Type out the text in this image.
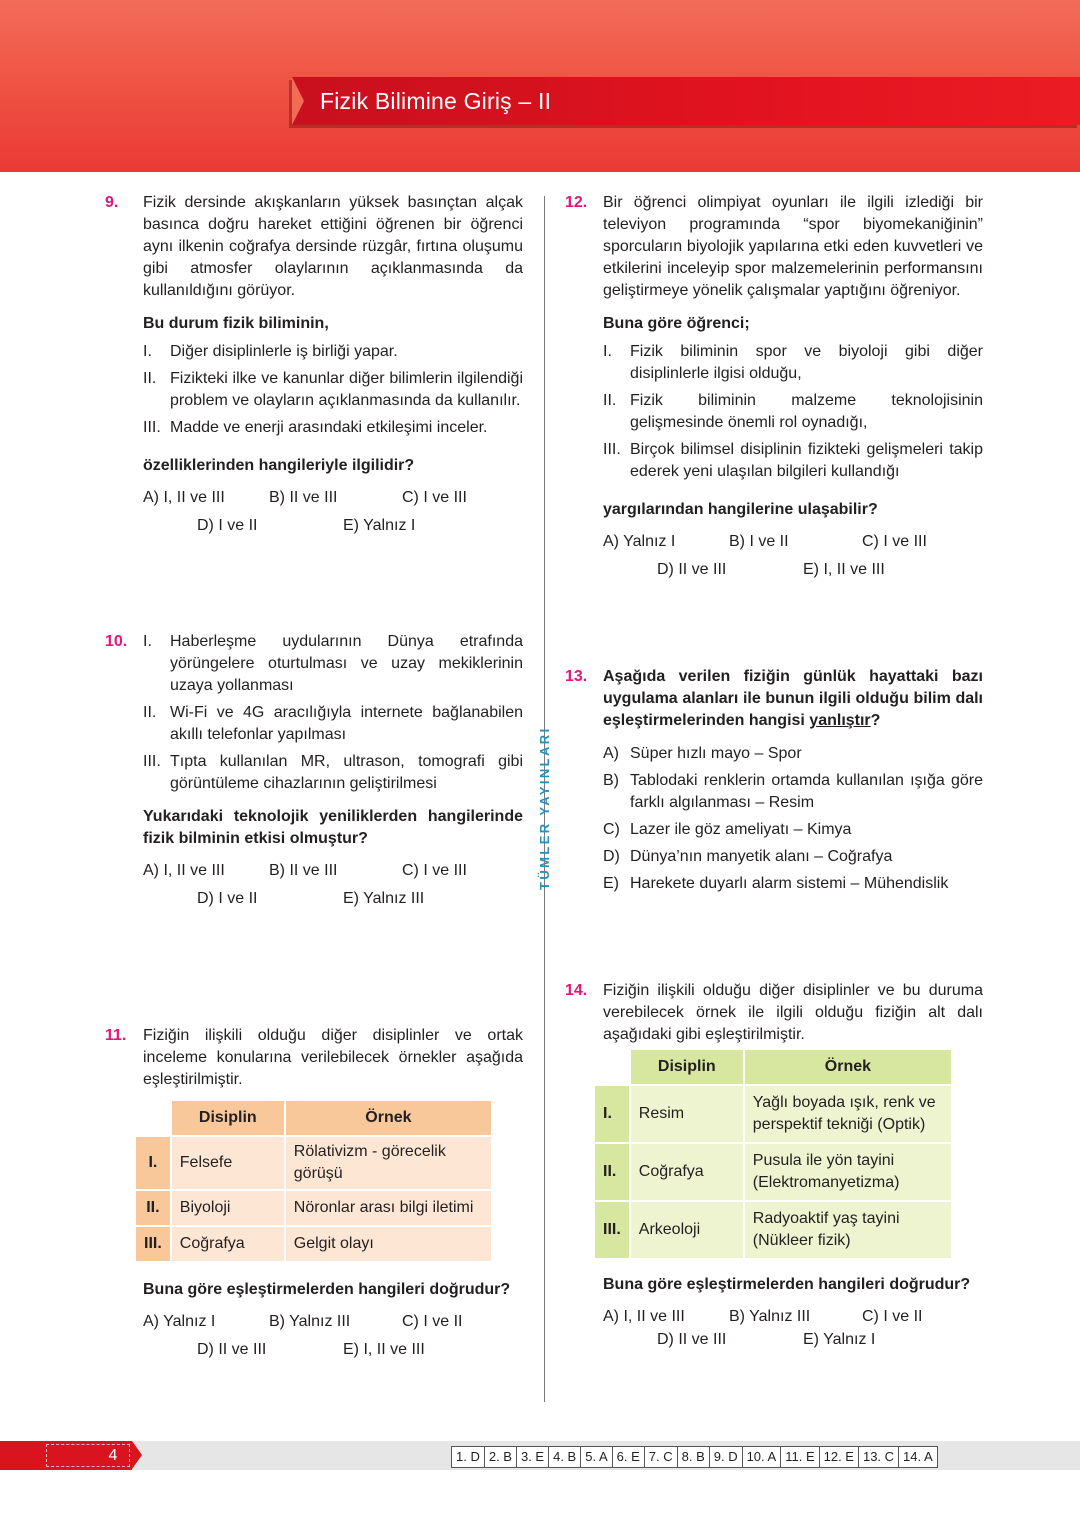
Fizik Bilimine Giriş – II
9. Fizik dersinde akışkanların yüksek basınçtan alçak basınca doğru hareket ettiğini öğrenen bir öğrenci aynı ilkenin coğrafya dersinde rüzgâr, fırtına oluşumu gibi atmosfer olaylarının açıklanmasında da kullanıldığını görüyor.
Bu durum fizik biliminin,
I.	Diğer disiplinlerle iş birliği yapar.
II. Fizikteki ilke ve kanunlar diğer bilimlerin ilgilendiği problem ve olayların açıklanmasında da kullanılır.
III. Madde ve enerji arasındaki etkileşimi inceler.
özelliklerinden hangileriyle ilgilidir?
A) I, II ve III	B) II ve III	C) I ve III
D) I ve II	E) Yalnız I
10. I.	Haberleşme uydularının Dünya etrafında yörüngelere oturtulması ve uzay mekiklerinin uzaya yollanması
II. Wi-Fi ve 4G aracılığıyla internete bağlanabilen akıllı telefonlar yapılması
III. Tıpta kullanılan MR, ultrason, tomografi gibi görüntüleme cihazlarının geliştirilmesi
Yukarıdaki teknolojik yeniliklerden hangilerinde fizik bilminin etkisi olmuştur?
A) I, II ve III	B) II ve III	C) I ve III
D) I ve II	E) Yalnız III
11. Fiziğin ilişkili olduğu diğer disiplinler ve ortak inceleme konularına verilebilecek örnekler aşağıda eşleştirilmiştir.
	Disiplin	Örnek
I.	Felsefe	Rölativizm - görecelik görüşü
II.	Biyoloji	Nöronlar arası bilgi iletimi
III.	Coğrafya	Gelgit olayı
Buna göre eşleştirmelerden hangileri doğrudur?
A) Yalnız I	B) Yalnız III	C) I ve II
D) II ve III	E) I, II ve III
TÜMLER YAYINLARI
12. Bir öğrenci olimpiyat oyunları ile ilgili izlediği bir televiyon programında “spor biyomekaniğinin” sporcuların biyolojik yapılarına etki eden kuvvetleri ve etkilerini inceleyip spor malzemelerinin performansını geliştirmeye yönelik çalışmalar yaptığını öğreniyor.
Buna göre öğrenci;
I.	Fizik biliminin spor ve biyoloji gibi diğer disiplinlerle ilgisi olduğu,
II. Fizik biliminin malzeme teknolojisinin gelişmesinde önemli rol oynadığı,
III. Birçok bilimsel disiplinin fizikteki gelişmeleri takip ederek yeni ulaşılan bilgileri kullandığı
yargılarından hangilerine ulaşabilir?
A) Yalnız I	B) I ve II	C) I ve III
D) II ve III	E) I, II ve III
13. Aşağıda verilen fiziğin günlük hayattaki bazı uygulama alanları ile bunun ilgili olduğu bilim dalı eşleştirmelerinden hangisi yanlıştır?
A) Süper hızlı mayo – Spor
B) Tablodaki renklerin ortamda kullanılan ışığa göre farklı algılanması – Resim
C) Lazer ile göz ameliyatı – Kimya
D) Dünya’nın manyetik alanı – Coğrafya
E) Harekete duyarlı alarm sistemi – Mühendislik
14. Fiziğin ilişkili olduğu diğer disiplinler ve bu duruma verebilecek örnek ile ilgili olduğu fiziğin alt dalı aşağıdaki gibi eşleştirilmiştir.
	Disiplin	Örnek
I.	Resim	Yağlı boyada ışık, renk ve perspektif tekniği (Optik)
II.	Coğrafya	Pusula ile yön tayini (Elektromanyetizma)
III.	Arkeoloji	Radyoaktif yaş tayini (Nükleer fizik)
Buna göre eşleştirmelerden hangileri doğrudur?
A) I, II ve III	B) Yalnız III	C) I ve II
D) II ve III	E) Yalnız I
4	1. D 2. B 3. E 4. B 5. A 6. E 7. C 8. B 9. D 10. A 11. E 12. E 13. C 14. A
